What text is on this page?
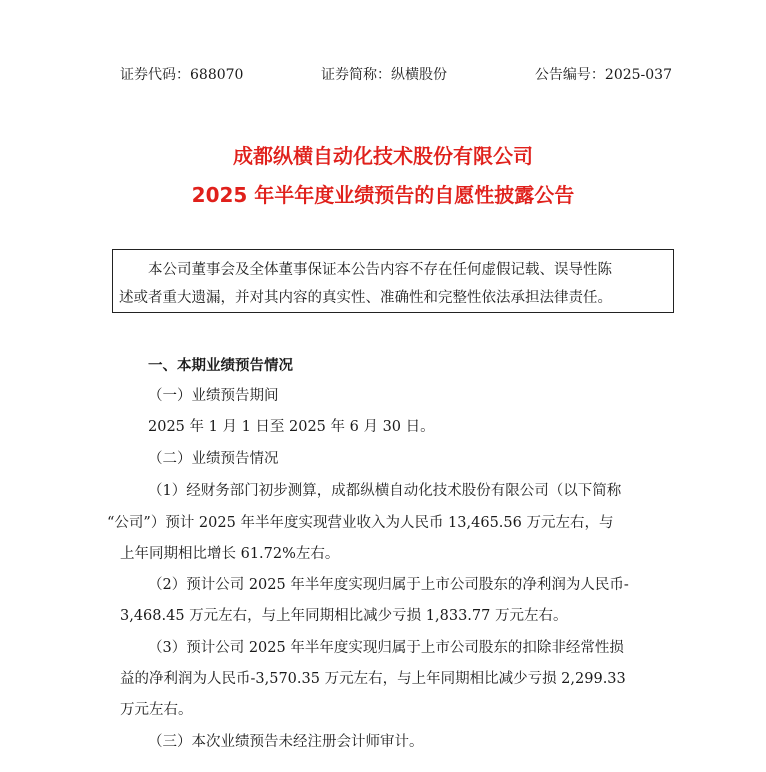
证券代码：688070	证券简称：纵横股份	公告编号：2025-037
成都纵横自动化技术股份有限公司
2025 年半年度业绩预告的自愿性披露公告
本公司董事会及全体董事保证本公告内容不存在任何虚假记载、误导性陈
述或者重大遗漏，并对其内容的真实性、准确性和完整性依法承担法律责任。
一、本期业绩预告情况
（一）业绩预告期间
2025 年 1 月 1 日至 2025 年 6 月 30 日。
（二）业绩预告情况
（1）经财务部门初步测算，成都纵横自动化技术股份有限公司（以下简称
“公司”）预计 2025 年半年度实现营业收入为人民币 13,465.56 万元左右，与
上年同期相比增长 61.72%左右。
（2）预计公司 2025 年半年度实现归属于上市公司股东的净利润为人民币-
3,468.45 万元左右，与上年同期相比减少亏损 1,833.77 万元左右。
（3）预计公司 2025 年半年度实现归属于上市公司股东的扣除非经常性损
益的净利润为人民币-3,570.35 万元左右，与上年同期相比减少亏损 2,299.33
万元左右。
（三）本次业绩预告未经注册会计师审计。
